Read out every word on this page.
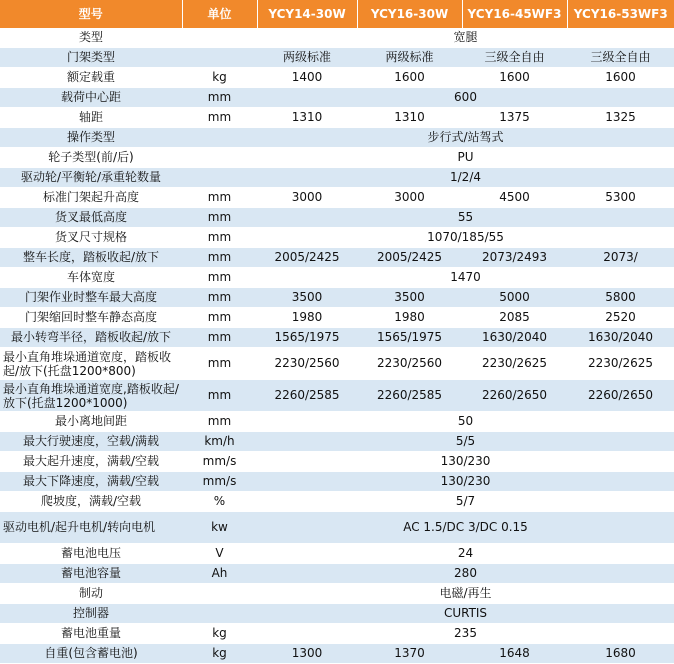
型号	单位	YCY14-30W	YCY16-30W	YCY16-45WF3	YCY16-53WF3
类型		宽腿			
门架类型		两级标准	两级标准	三级全自由	三级全自由
额定载重	kg	1400	1600	1600	1600
载荷中心距	mm	600			
轴距	mm	1310	1310	1375	1325
操作类型		步行式/站驾式			
轮子类型(前/后)		PU			
驱动轮/平衡轮/承重轮数量		1/2/4			
标准门架起升高度	mm	3000	3000	4500	5300
货叉最低高度	mm	55			
货叉尺寸规格	mm	1070/185/55			
整车长度，踏板收起/放下	mm	2005/2425	2005/2425	2073/2493	2073/
车体宽度	mm	1470			
门架作业时整车最大高度	mm	3500	3500	5000	5800
门架缩回时整车静态高度	mm	1980	1980	2085	2520
最小转弯半径，踏板收起/放下	mm	1565/1975	1565/1975	1630/2040	1630/2040
最小直角堆垛通道宽度，踏板收起/放下(托盘1200*800)	mm	2230/2560	2230/2560	2230/2625	2230/2625
最小直角堆垛通道宽度,踏板收起/放下(托盘1200*1000)	mm	2260/2585	2260/2585	2260/2650	2260/2650
最小离地间距	mm	50			
最大行驶速度，空载/满载	km/h	5/5			
最大起升速度，满载/空载	mm/s	130/230			
最大下降速度，满载/空载	mm/s	130/230			
爬坡度，满载/空载	%	5/7			
驱动电机/起升电机/转向电机	kw	AC 1.5/DC 3/DC 0.15			
蓄电池电压	V	24			
蓄电池容量	Ah	280			
制动		电磁/再生			
控制器		CURTIS			
蓄电池重量	kg	235			
自重(包含蓄电池)	kg	1300	1370	1648	1680
